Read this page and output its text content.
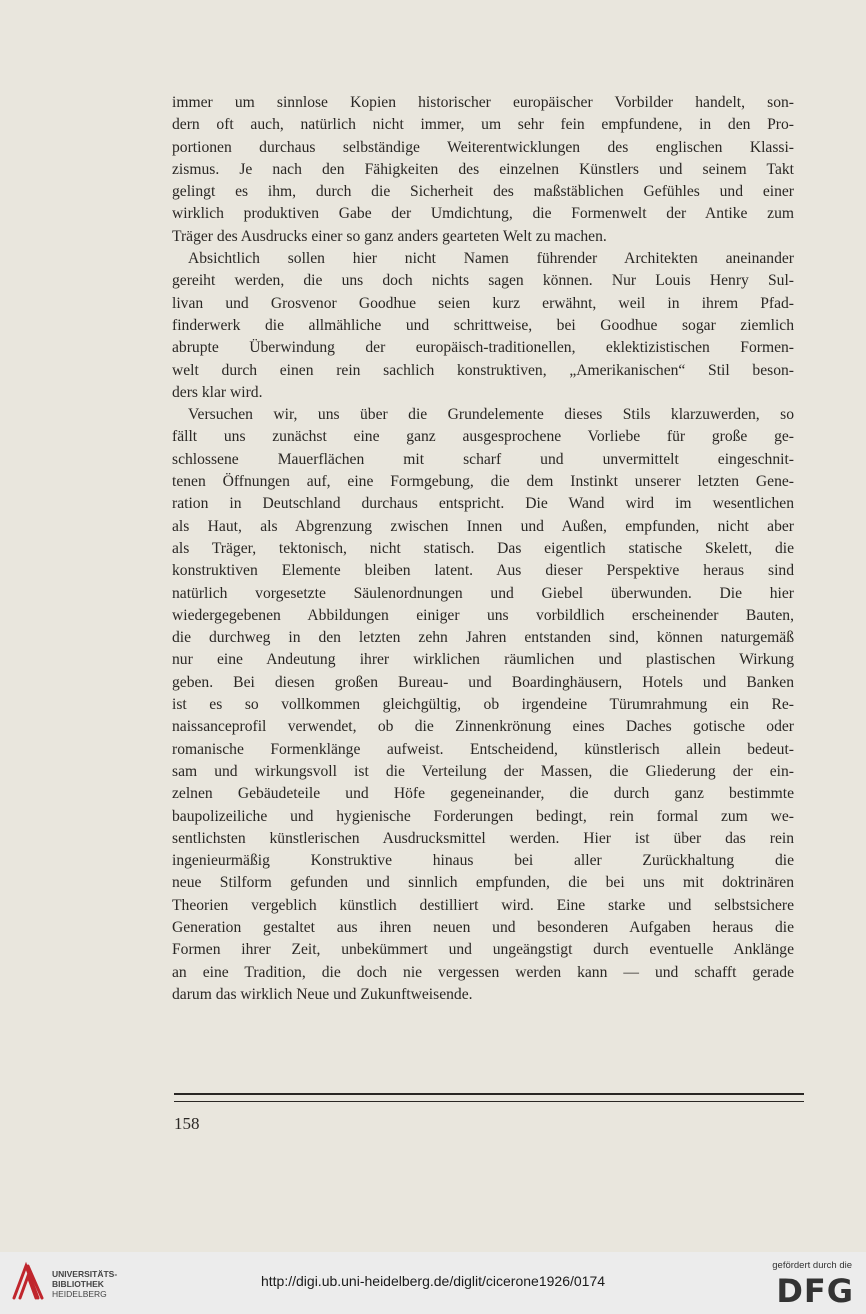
immer um sinnlose Kopien historischer europäischer Vorbilder handelt, son-
dern oft auch, natürlich nicht immer, um sehr fein empfundene, in den Pro-
portionen durchaus selbständige Weiterentwicklungen des englischen Klassi-
zismus. Je nach den Fähigkeiten des einzelnen Künstlers und seinem Takt
gelingt es ihm, durch die Sicherheit des maßstäblichen Gefühles und einer
wirklich produktiven Gabe der Umdichtung, die Formenwelt der Antike zum
Träger des Ausdrucks einer so ganz anders gearteten Welt zu machen.
Absichtlich sollen hier nicht Namen führender Architekten aneinander
gereiht werden, die uns doch nichts sagen können. Nur Louis Henry Sul-
livan und Grosvenor Goodhue seien kurz erwähnt, weil in ihrem Pfad-
finderwerk die allmähliche und schrittweise, bei Goodhue sogar ziemlich
abrupte Überwindung der europäisch-traditionellen, eklektizistischen Formen-
welt durch einen rein sachlich konstruktiven, „Amerikanischen“ Stil beson-
ders klar wird.
Versuchen wir, uns über die Grundelemente dieses Stils klarzuwerden, so
fällt uns zunächst eine ganz ausgesprochene Vorliebe für große ge-
schlossene Mauerflächen mit scharf und unvermittelt eingeschnit-
tenen Öffnungen auf, eine Formgebung, die dem Instinkt unserer letzten Gene-
ration in Deutschland durchaus entspricht. Die Wand wird im wesentlichen
als Haut, als Abgrenzung zwischen Innen und Außen, empfunden, nicht aber
als Träger, tektonisch, nicht statisch. Das eigentlich statische Skelett, die
konstruktiven Elemente bleiben latent. Aus dieser Perspektive heraus sind
natürlich vorgesetzte Säulenordnungen und Giebel überwunden. Die hier
wiedergegebenen Abbildungen einiger uns vorbildlich erscheinender Bauten,
die durchweg in den letzten zehn Jahren entstanden sind, können naturgemäß
nur eine Andeutung ihrer wirklichen räumlichen und plastischen Wirkung
geben. Bei diesen großen Bureau- und Boardinghäusern, Hotels und Banken
ist es so vollkommen gleichgültig, ob irgendeine Türumrahmung ein Re-
naissanceprofil verwendet, ob die Zinnenkrönung eines Daches gotische oder
romanische Formenklänge aufweist. Entscheidend, künstlerisch allein bedeut-
sam und wirkungsvoll ist die Verteilung der Massen, die Gliederung der ein-
zelnen Gebäudeteile und Höfe gegeneinander, die durch ganz bestimmte
baupolizeiliche und hygienische Forderungen bedingt, rein formal zum we-
sentlichsten künstlerischen Ausdrucksmittel werden. Hier ist über das rein
ingenieurmäßig Konstruktive hinaus bei aller Zurückhaltung die
neue Stilform gefunden und sinnlich empfunden, die bei uns mit doktrinären
Theorien vergeblich künstlich destilliert wird. Eine starke und selbstsichere
Generation gestaltet aus ihren neuen und besonderen Aufgaben heraus die
Formen ihrer Zeit, unbekümmert und ungeängstigt durch eventuelle Anklänge
an eine Tradition, die doch nie vergessen werden kann — und schafft gerade
darum das wirklich Neue und Zukunftweisende.
158
UNIVERSITÄTS-
BIBLIOTHEK
HEIDELBERG
http://digi.ub.uni-heidelberg.de/diglit/cicerone1926/0174
gefördert durch die
DFG
